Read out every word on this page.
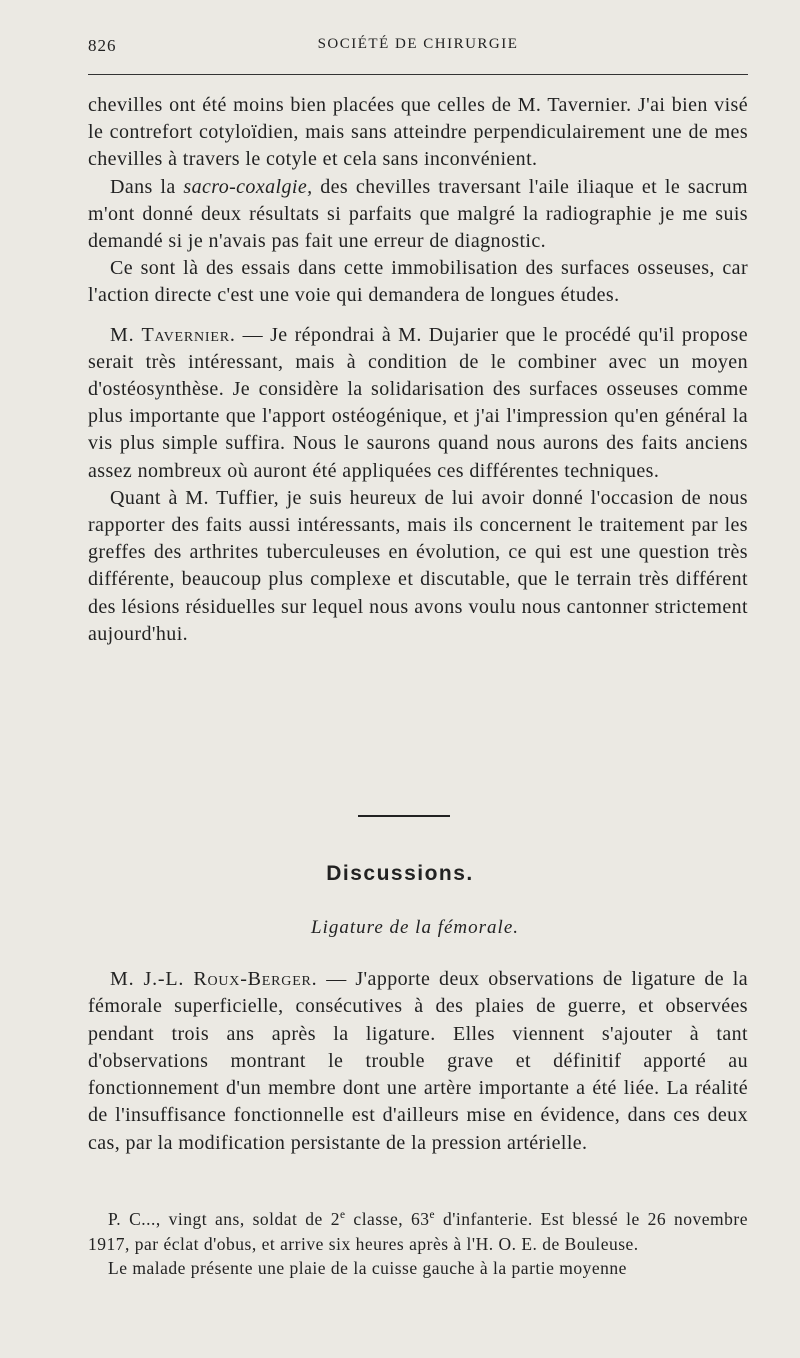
826	SOCIÉTÉ DE CHIRURGIE

chevilles ont été moins bien placées que celles de M. Tavernier. J'ai bien visé le contrefort cotyloïdien, mais sans atteindre perpendiculairement une de mes chevilles à travers le cotyle et cela sans inconvénient.

Dans la sacro-coxalgie, des chevilles traversant l'aile iliaque et le sacrum m'ont donné deux résultats si parfaits que malgré la radiographie je me suis demandé si je n'avais pas fait une erreur de diagnostic.

Ce sont là des essais dans cette immobilisation des surfaces osseuses, car l'action directe c'est une voie qui demandera de longues études.

M. Tavernier. — Je répondrai à M. Dujarier que le procédé qu'il propose serait très intéressant, mais à condition de le combiner avec un moyen d'ostéosynthèse. Je considère la solidarisation des surfaces osseuses comme plus importante que l'apport ostéogénique, et j'ai l'impression qu'en général la vis plus simple suffira. Nous le saurons quand nous aurons des faits anciens assez nombreux où auront été appliquées ces différentes techniques.

Quant à M. Tuffier, je suis heureux de lui avoir donné l'occasion de nous rapporter des faits aussi intéressants, mais ils concernent le traitement par les greffes des arthrites tuberculeuses en évolution, ce qui est une question très différente, beaucoup plus complexe et discutable, que le terrain très différent des lésions résiduelles sur lequel nous avons voulu nous cantonner strictement aujourd'hui.

Discussions.
Ligature de la fémorale.

M. J.-L. Roux-Berger. — J'apporte deux observations de ligature de la fémorale superficielle, consécutives à des plaies de guerre, et observées pendant trois ans après la ligature. Elles viennent s'ajouter à tant d'observations montrant le trouble grave et définitif apporté au fonctionnement d'un membre dont une artère importante a été liée. La réalité de l'insuffisance fonctionnelle est d'ailleurs mise en évidence, dans ces deux cas, par la modification persistante de la pression artérielle.

P. C..., vingt ans, soldat de 2e classe, 63e d'infanterie. Est blessé le 26 novembre 1917, par éclat d'obus, et arrive six heures après à l'H. O. E. de Bouleuse.

Le malade présente une plaie de la cuisse gauche à la partie moyenne
